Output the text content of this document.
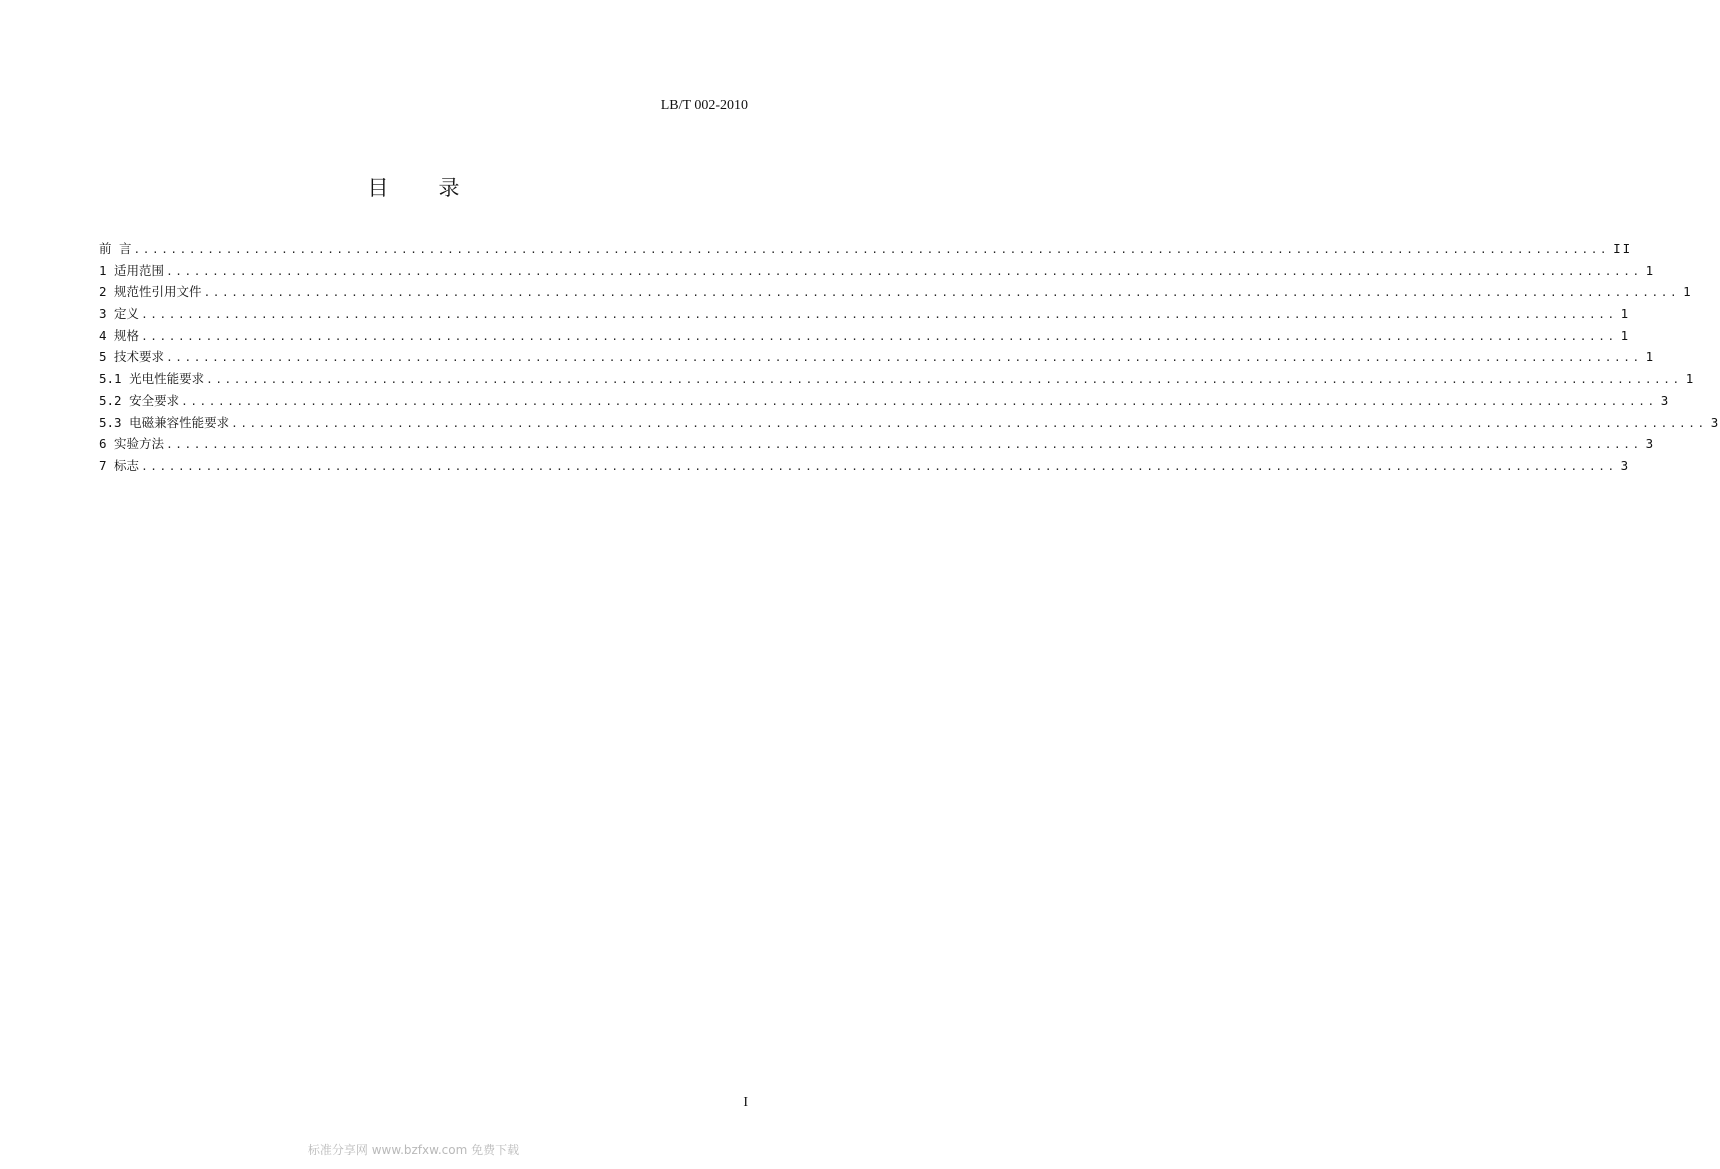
LB/T 002-2010
目 录
前 言 ................................................................................................................................................................ II
1 适用范围 ................................................................................................................................................................ 1
2 规范性引用文件 ................................................................................................................................................................ 1
3 定义 ................................................................................................................................................................ 1
4 规格 ................................................................................................................................................................ 1
5 技术要求 ................................................................................................................................................................ 1
5.1 光电性能要求 ................................................................................................................................................................ 1
5.2 安全要求 ................................................................................................................................................................ 3
5.3 电磁兼容性能要求 ................................................................................................................................................................ 3
6 实验方法 ................................................................................................................................................................ 3
7 标志 ................................................................................................................................................................ 3
I
标准分享网 www.bzfxw.com 免费下载
